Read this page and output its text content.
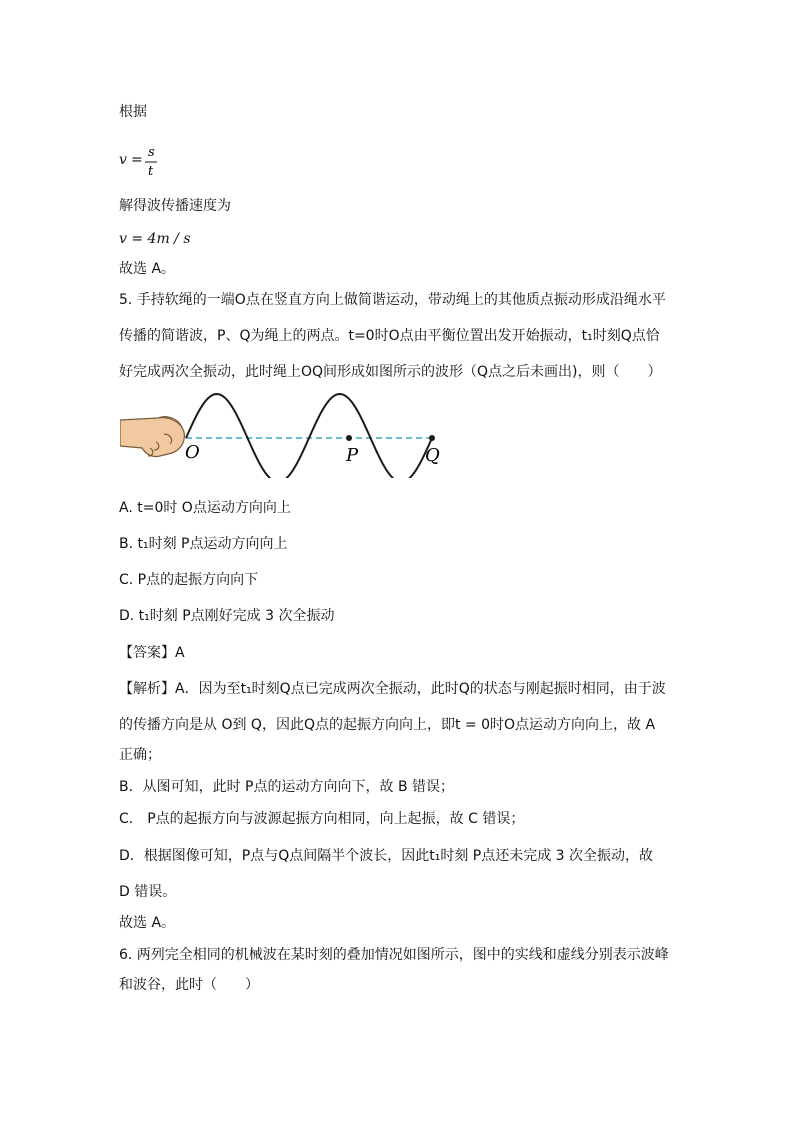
根据
v = s
t
解得波传播速度为
v = 4m / s
故选 A。
5. 手持软绳的一端O点在竖直方向上做简谐运动，带动绳上的其他质点振动形成沿绳水平
传播的简谐波，P、Q为绳上的两点。t=0时O点由平衡位置出发开始振动，t₁时刻Q点恰
好完成两次全振动，此时绳上OQ间形成如图所示的波形（Q点之后未画出)，则（　　）
O	P	Q
A. t=0时 O点运动方向向上
B. t₁时刻 P点运动方向向上
C. P点的起振方向向下
D. t₁时刻 P点刚好完成 3 次全振动
【答案】A
【解析】A．因为至t₁时刻Q点已完成两次全振动，此时Q的状态与刚起振时相同，由于波
的传播方向是从 O到 Q，因此Q点的起振方向向上，即t = 0时O点运动方向向上，故 A
正确；
B．从图可知，此时 P点的运动方向向下，故 B 错误；
C． P点的起振方向与波源起振方向相同，向上起振，故 C 错误；
D．根据图像可知，P点与Q点间隔半个波长，因此t₁时刻 P点还未完成 3 次全振动，故
D 错误。
故选 A。
6. 两列完全相同的机械波在某时刻的叠加情况如图所示，图中的实线和虚线分别表示波峰
和波谷，此时（　　）
